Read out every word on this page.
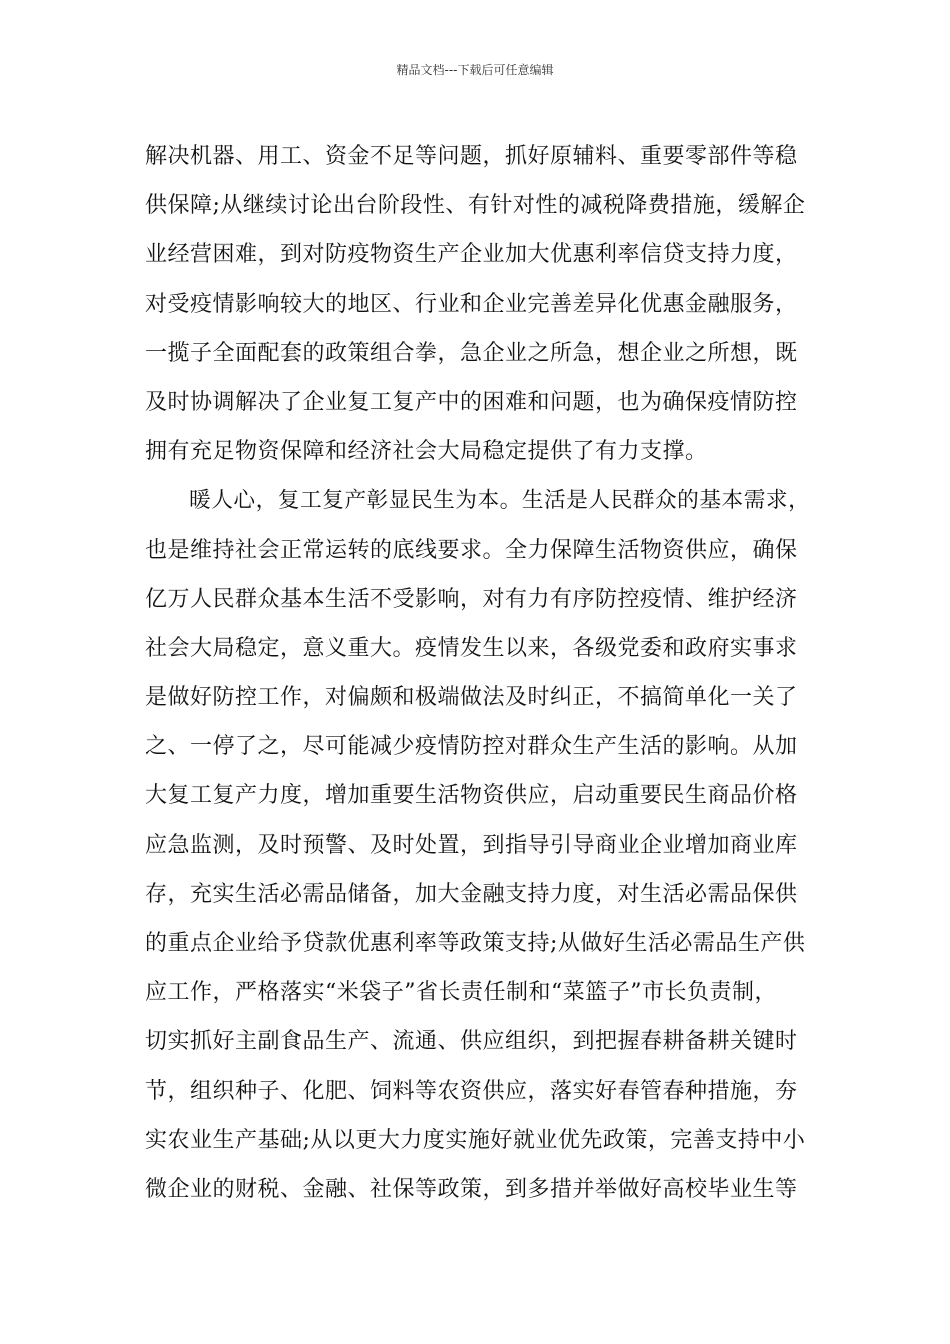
精品文档---下载后可任意编辑
解决机器、用工、资金不足等问题，抓好原辅料、重要零部件等稳
供保障;从继续讨论出台阶段性、有针对性的减税降费措施，缓解企
业经营困难，到对防疫物资生产企业加大优惠利率信贷支持力度，
对受疫情影响较大的地区、行业和企业完善差异化优惠金融服务，
一揽子全面配套的政策组合拳，急企业之所急，想企业之所想，既
及时协调解决了企业复工复产中的困难和问题，也为确保疫情防控
拥有充足物资保障和经济社会大局稳定提供了有力支撑。
暖人心，复工复产彰显民生为本。生活是人民群众的基本需求，
也是维持社会正常运转的底线要求。全力保障生活物资供应，确保
亿万人民群众基本生活不受影响，对有力有序防控疫情、维护经济
社会大局稳定，意义重大。疫情发生以来，各级党委和政府实事求
是做好防控工作，对偏颇和极端做法及时纠正，不搞简单化一关了
之、一停了之，尽可能减少疫情防控对群众生产生活的影响。从加
大复工复产力度，增加重要生活物资供应，启动重要民生商品价格
应急监测，及时预警、及时处置，到指导引导商业企业增加商业库
存，充实生活必需品储备，加大金融支持力度，对生活必需品保供
的重点企业给予贷款优惠利率等政策支持;从做好生活必需品生产供
应工作，严格落实“米袋子”省长责任制和“菜篮子”市长负责制，
切实抓好主副食品生产、流通、供应组织，到把握春耕备耕关键时
节，组织种子、化肥、饲料等农资供应，落实好春管春种措施，夯
实农业生产基础;从以更大力度实施好就业优先政策，完善支持中小
微企业的财税、金融、社保等政策，到多措并举做好高校毕业生等
